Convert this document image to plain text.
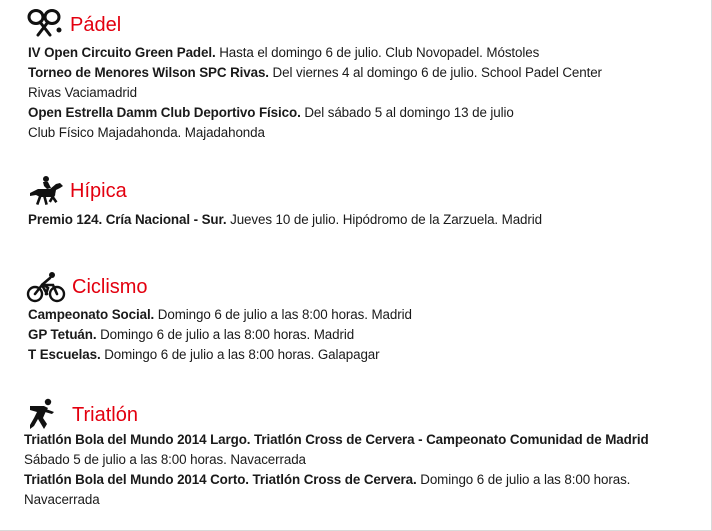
Pádel

IV Open Circuito Green Padel. Hasta el domingo 6 de julio. Club Novopadel. Móstoles

Torneo de Menores Wilson SPC Rivas. Del viernes 4 al domingo 6 de julio. School Padel Center
Rivas Vaciamadrid

Open Estrella Damm Club Deportivo Físico. Del sábado 5 al domingo 13 de julio
Club Físico Majadahonda. Majadahonda

Hípica

Premio 124. Cría Nacional - Sur. Jueves 10 de julio. Hipódromo de la Zarzuela. Madrid

Ciclismo

Campeonato Social. Domingo 6 de julio a las 8:00 horas. Madrid

GP Tetuán. Domingo 6 de julio a las 8:00 horas. Madrid

T Escuelas. Domingo 6 de julio a las 8:00 horas. Galapagar

Triatlón

Triatlón Bola del Mundo 2014 Largo. Triatlón Cross de Cervera - Campeonato Comunidad de Madrid
Sábado 5 de julio a las 8:00 horas. Navacerrada

Triatlón Bola del Mundo 2014 Corto. Triatlón Cross de Cervera. Domingo 6 de julio a las 8:00 horas.
Navacerrada
